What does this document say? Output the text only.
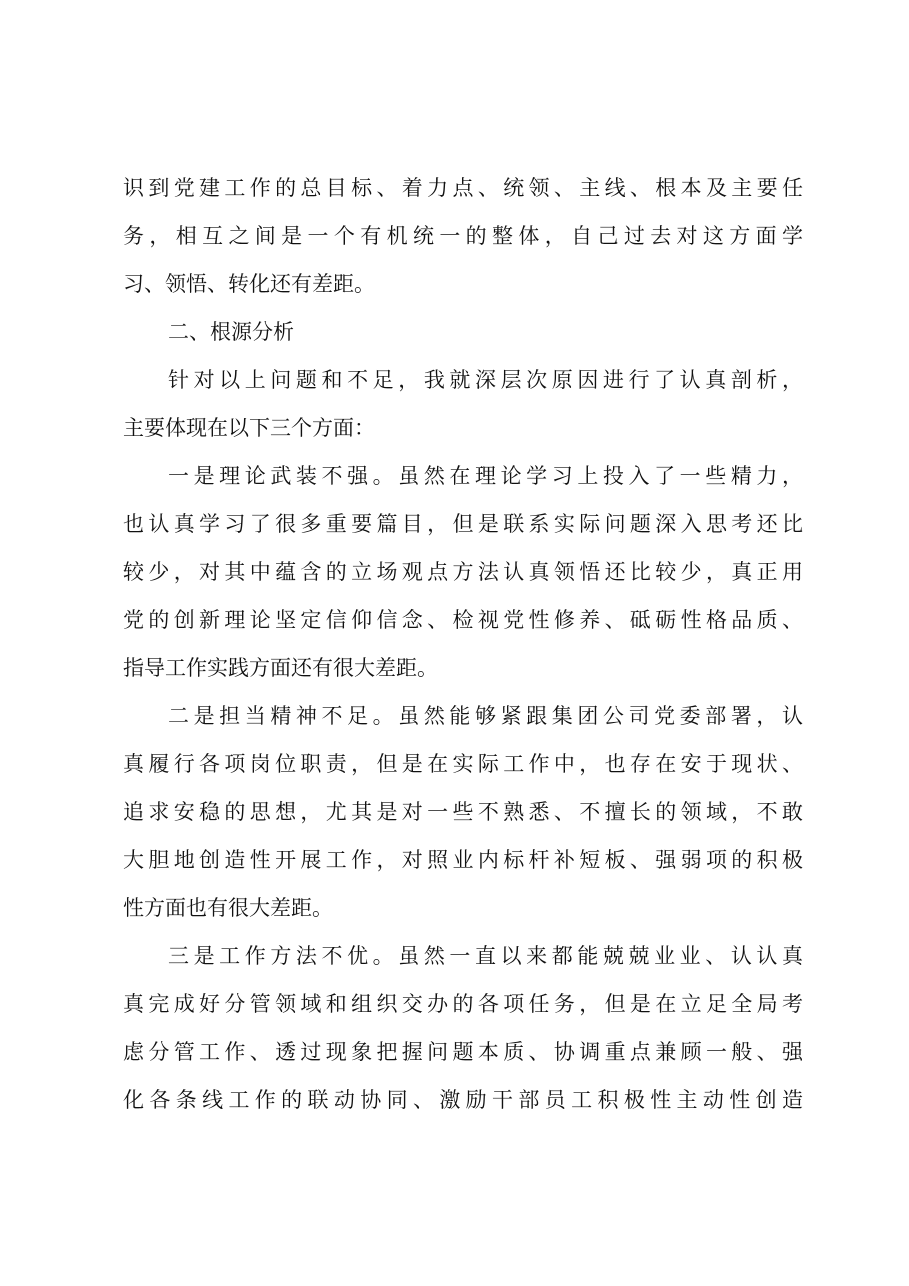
识到党建工作的总目标、着力点、统领、主线、根本及主要任
务，相互之间是一个有机统一的整体，自己过去对这方面学
习、领悟、转化还有差距。
二、根源分析
针对以上问题和不足，我就深层次原因进行了认真剖析，
主要体现在以下三个方面：
一是理论武装不强。虽然在理论学习上投入了一些精力，
也认真学习了很多重要篇目，但是联系实际问题深入思考还比
较少，对其中蕴含的立场观点方法认真领悟还比较少，真正用
党的创新理论坚定信仰信念、检视党性修养、砥砺性格品质、
指导工作实践方面还有很大差距。
二是担当精神不足。虽然能够紧跟集团公司党委部署，认
真履行各项岗位职责，但是在实际工作中，也存在安于现状、
追求安稳的思想，尤其是对一些不熟悉、不擅长的领域，不敢
大胆地创造性开展工作，对照业内标杆补短板、强弱项的积极
性方面也有很大差距。
三是工作方法不优。虽然一直以来都能兢兢业业、认认真
真完成好分管领域和组织交办的各项任务，但是在立足全局考
虑分管工作、透过现象把握问题本质、协调重点兼顾一般、强
化各条线工作的联动协同、激励干部员工积极性主动性创造
